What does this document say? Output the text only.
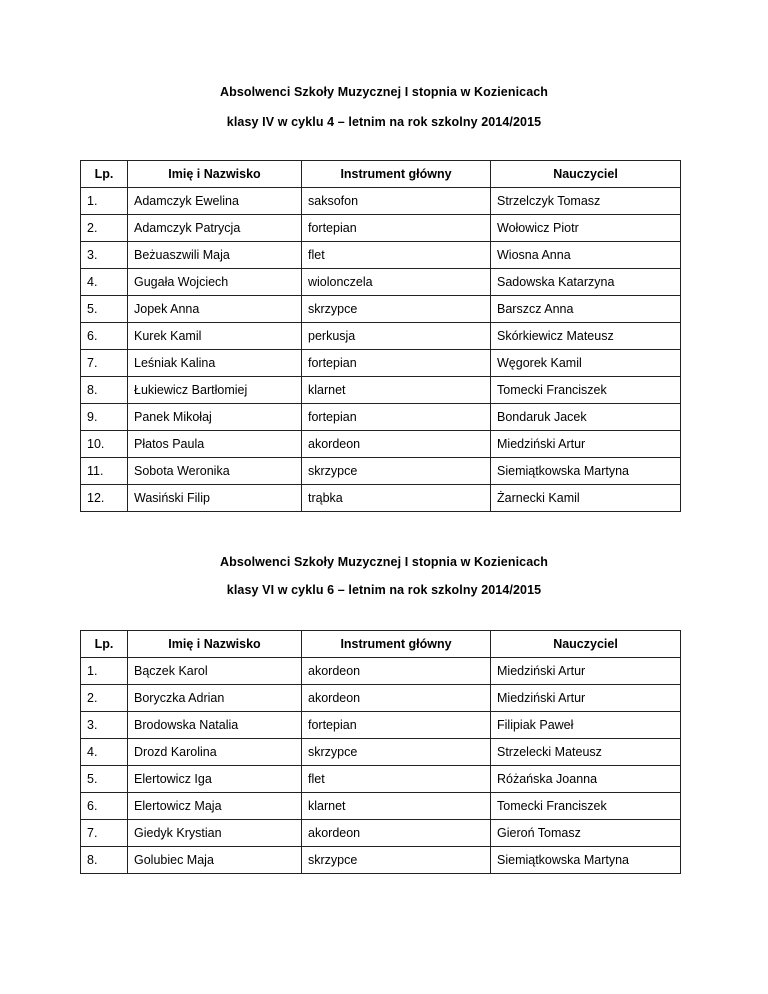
Absolwenci Szkoły Muzycznej I stopnia w Kozienicach
klasy IV w cyklu 4 – letnim na rok szkolny 2014/2015
Lp.	Imię i Nazwisko	Instrument główny	Nauczyciel
1.	Adamczyk Ewelina	saksofon	Strzelczyk Tomasz
2.	Adamczyk Patrycja	fortepian	Wołowicz Piotr
3.	Beżuaszwili Maja	flet	Wiosna Anna
4.	Gugała Wojciech	wiolonczela	Sadowska Katarzyna
5.	Jopek Anna	skrzypce	Barszcz Anna
6.	Kurek Kamil	perkusja	Skórkiewicz Mateusz
7.	Leśniak Kalina	fortepian	Węgorek Kamil
8.	Łukiewicz Bartłomiej	klarnet	Tomecki Franciszek
9.	Panek Mikołaj	fortepian	Bondaruk Jacek
10.	Płatos Paula	akordeon	Miedziński Artur
11.	Sobota Weronika	skrzypce	Siemiątkowska Martyna
12.	Wasiński Filip	trąbka	Żarnecki Kamil
Absolwenci Szkoły Muzycznej I stopnia w Kozienicach
klasy VI w cyklu 6 – letnim na rok szkolny 2014/2015
Lp.	Imię i Nazwisko	Instrument główny	Nauczyciel
1.	Bączek Karol	akordeon	Miedziński Artur
2.	Boryczka Adrian	akordeon	Miedziński Artur
3.	Brodowska Natalia	fortepian	Filipiak Paweł
4.	Drozd Karolina	skrzypce	Strzelecki Mateusz
5.	Elertowicz Iga	flet	Różańska Joanna
6.	Elertowicz Maja	klarnet	Tomecki Franciszek
7.	Giedyk Krystian	akordeon	Gieroń Tomasz
8.	Golubiec Maja	skrzypce	Siemiątkowska Martyna
